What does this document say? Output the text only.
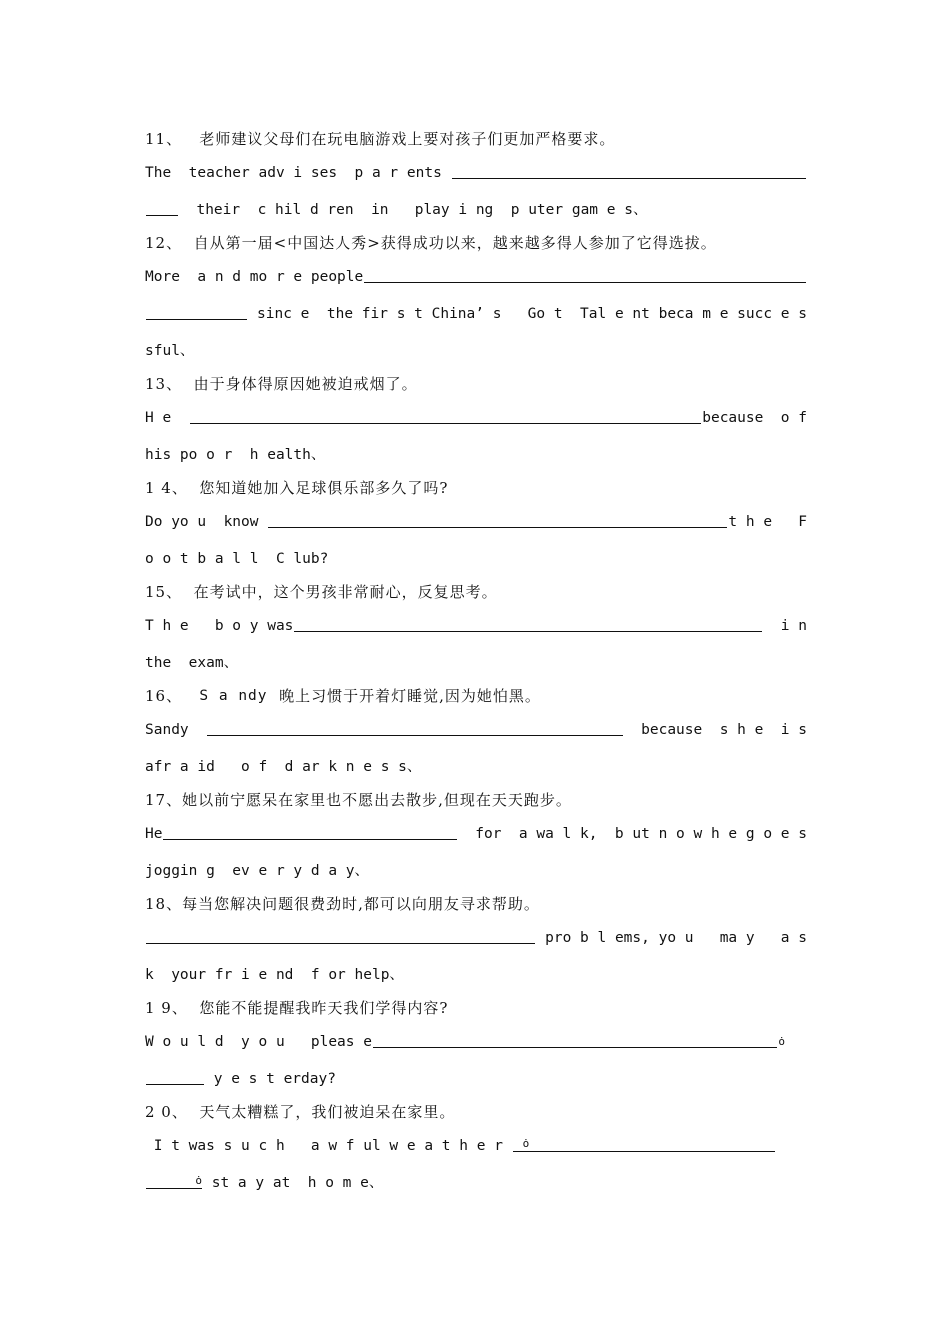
11、
老师建议父母们在玩电脑游戏上要对孩子们更加严格要求。
The  teacher adv i ses  p a r ents

their  c hil d ren  in   play i ng  p uter gam e s、
12、
自从第一届<中国达人秀>获得成功以来，越来越多得人参加了它得选拔。
More  a n d mo r e people
sinc e  the fir s t China’ s   Go t  Tal e nt beca m e succ e s
sful、
13、
由于身体得原因她被迫戒烟了。
H e	because  o f
his po o r  h ealth、
1 4、
您知道她加入足球俱乐部多久了吗?
Do yo u  know	t h e   F
o o t b a l l  C lub?
15、
在考试中，这个男孩非常耐心，反复思考。
T h e   b o y was	i n
the  exam、
16、
S a ndy
晚上习惯于开着灯睡觉,因为她怕黑。
Sandy	because  s h e  i s
afr a id   o f  d ar k n e s s、
17、 她以前宁愿呆在家里也不愿出去散步,但现在天天跑步。
He	for  a wa l k,  b ut n o w h e g o e s
joggin g  ev e r y d a y、
18、 每当您解决问题很费劲时,都可以向朋友寻求帮助。
pro b l ems, yo u   ma y   a s
k  your fr i e nd  f or help、
1 9、
您能不能提醒我昨天我们学得内容?
W o u l d  y o u   pleas e	ȯ
y e s t erday?
2 0、
天气太糟糕了，我们被迫呆在家里。
I t was s u c h   a w f ul w e a t h e r ȯ
ȯ st a y at  h o m e、
